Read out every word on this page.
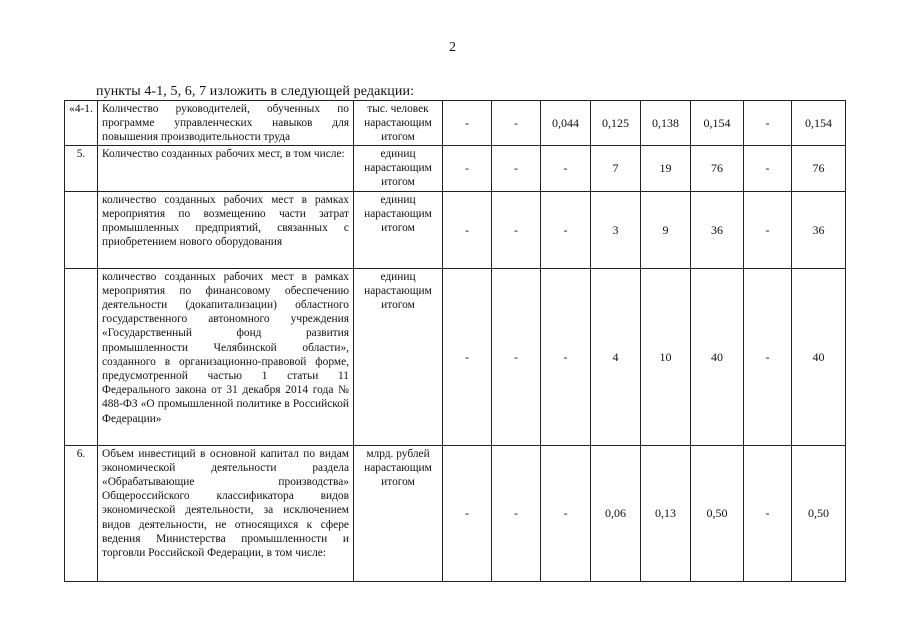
2
пункты 4-1, 5, 6, 7 изложить в следующей редакции:
«4-1.	Количество руководителей, обученных по программе управленческих навыков для повышения производительности труда	тыс. человек нарастающим итогом	-	-	0,044	0,125	0,138	0,154	-	0,154
5.	Количество созданных рабочих мест, в том числе:	единиц нарастающим итогом	-	-	-	7	19	76	-	76
	количество созданных рабочих мест в рамках мероприятия по возмещению части затрат промышленных предприятий, связанных с приобретением нового оборудования	единиц нарастающим итогом	-	-	-	3	9	36	-	36
	количество созданных рабочих мест в рамках мероприятия по финансовому обеспечению деятельности (докапитализации) областного государственного автономного учреждения «Государственный фонд развития промышленности Челябинской области», созданного в организационно-правовой форме, предусмотренной частью 1 статьи 11 Федерального закона от 31 декабря 2014 года № 488-ФЗ «О промышленной политике в Российской Федерации»	единиц нарастающим итогом	-	-	-	4	10	40	-	40
6.	Объем инвестиций в основной капитал по видам экономической деятельности раздела «Обрабатывающие производства» Общероссийского классификатора видов экономической деятельности, за исключением видов деятельности, не относящихся к сфере ведения Министерства промышленности и торговли Российской Федерации, в том числе:	млрд. рублей нарастающим итогом	-	-	-	0,06	0,13	0,50	-	0,50
